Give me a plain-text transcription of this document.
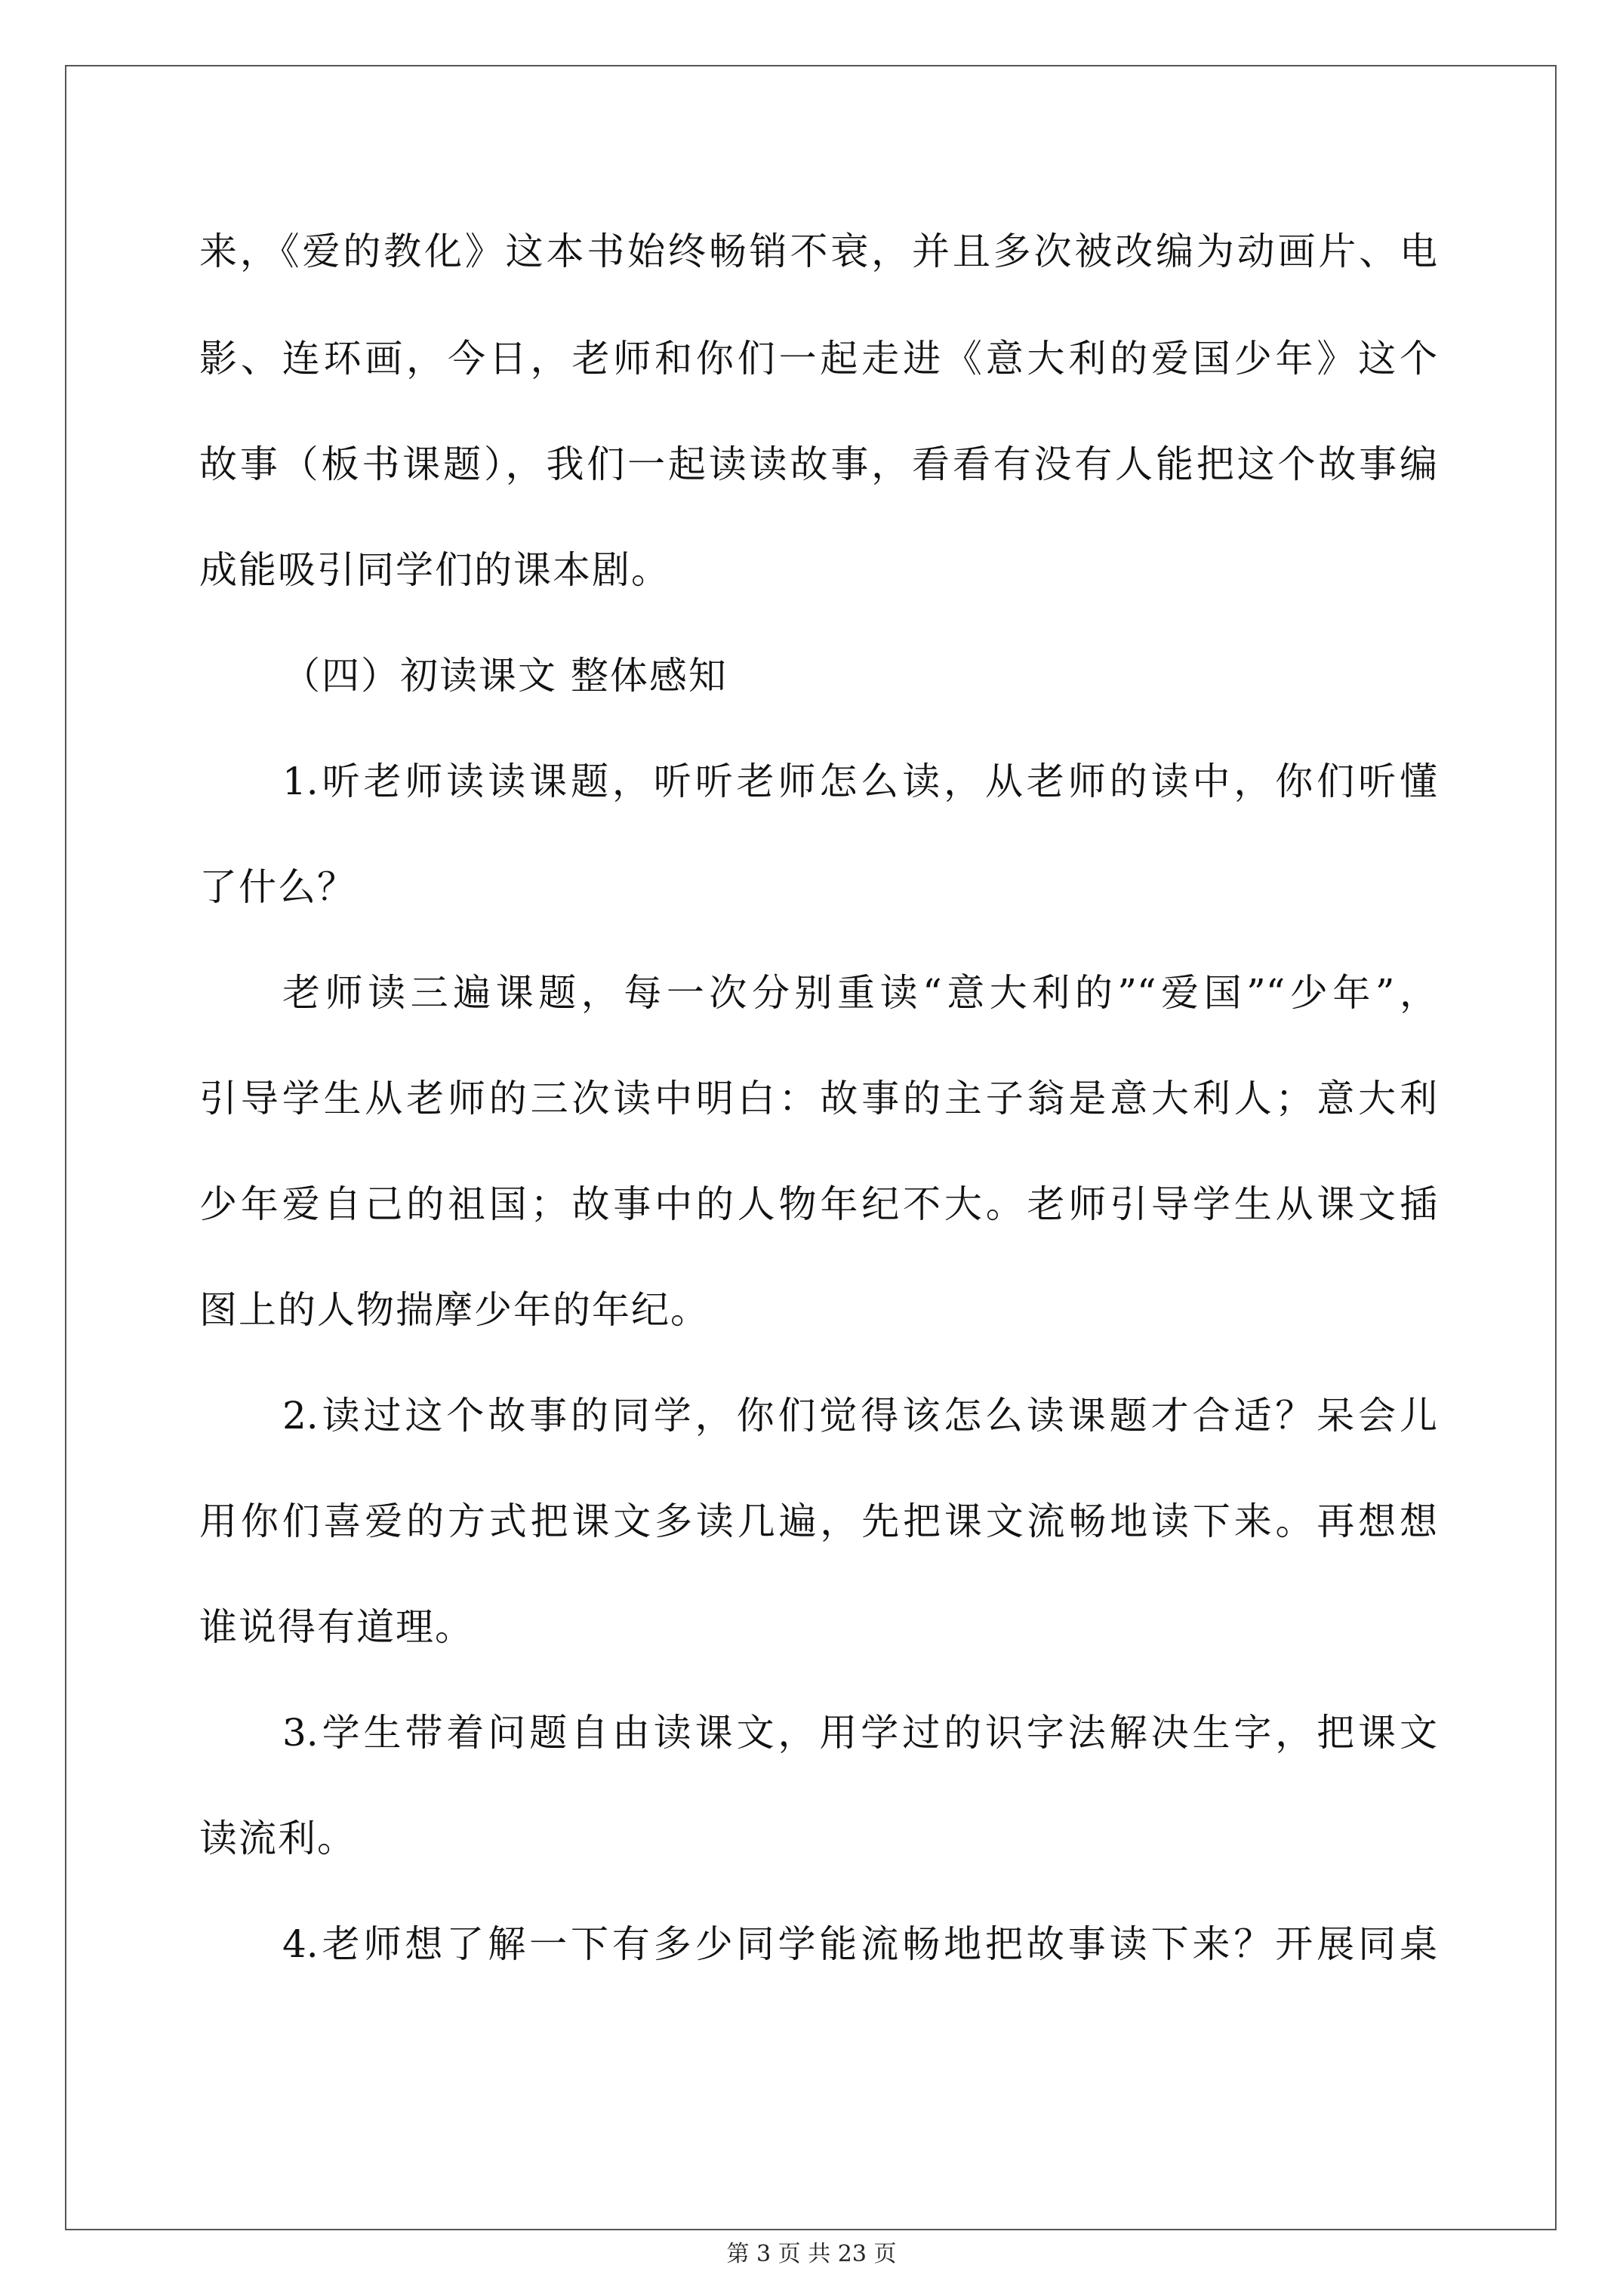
来，《爱的教化》这本书始终畅销不衰，并且多次被改编为动画片、电
影、连环画，今日，老师和你们一起走进《意大利的爱国少年》这个
故事（板书课题），我们一起读读故事，看看有没有人能把这个故事编
成能吸引同学们的课本剧。
（四）初读课文 整体感知
1.听老师读读课题，听听老师怎么读，从老师的读中，你们听懂
了什么？
老师读三遍课题，每一次分别重读“意大利的”“爱国”“少年”，
引导学生从老师的三次读中明白：故事的主子翁是意大利人；意大利
少年爱自己的祖国；故事中的人物年纪不大。老师引导学生从课文插
图上的人物揣摩少年的年纪。
2.读过这个故事的同学，你们觉得该怎么读课题才合适？呆会儿
用你们喜爱的方式把课文多读几遍，先把课文流畅地读下来。再想想
谁说得有道理。
3.学生带着问题自由读课文，用学过的识字法解决生字，把课文
读流利。
4.老师想了解一下有多少同学能流畅地把故事读下来？开展同桌
第 3 页 共 23 页
